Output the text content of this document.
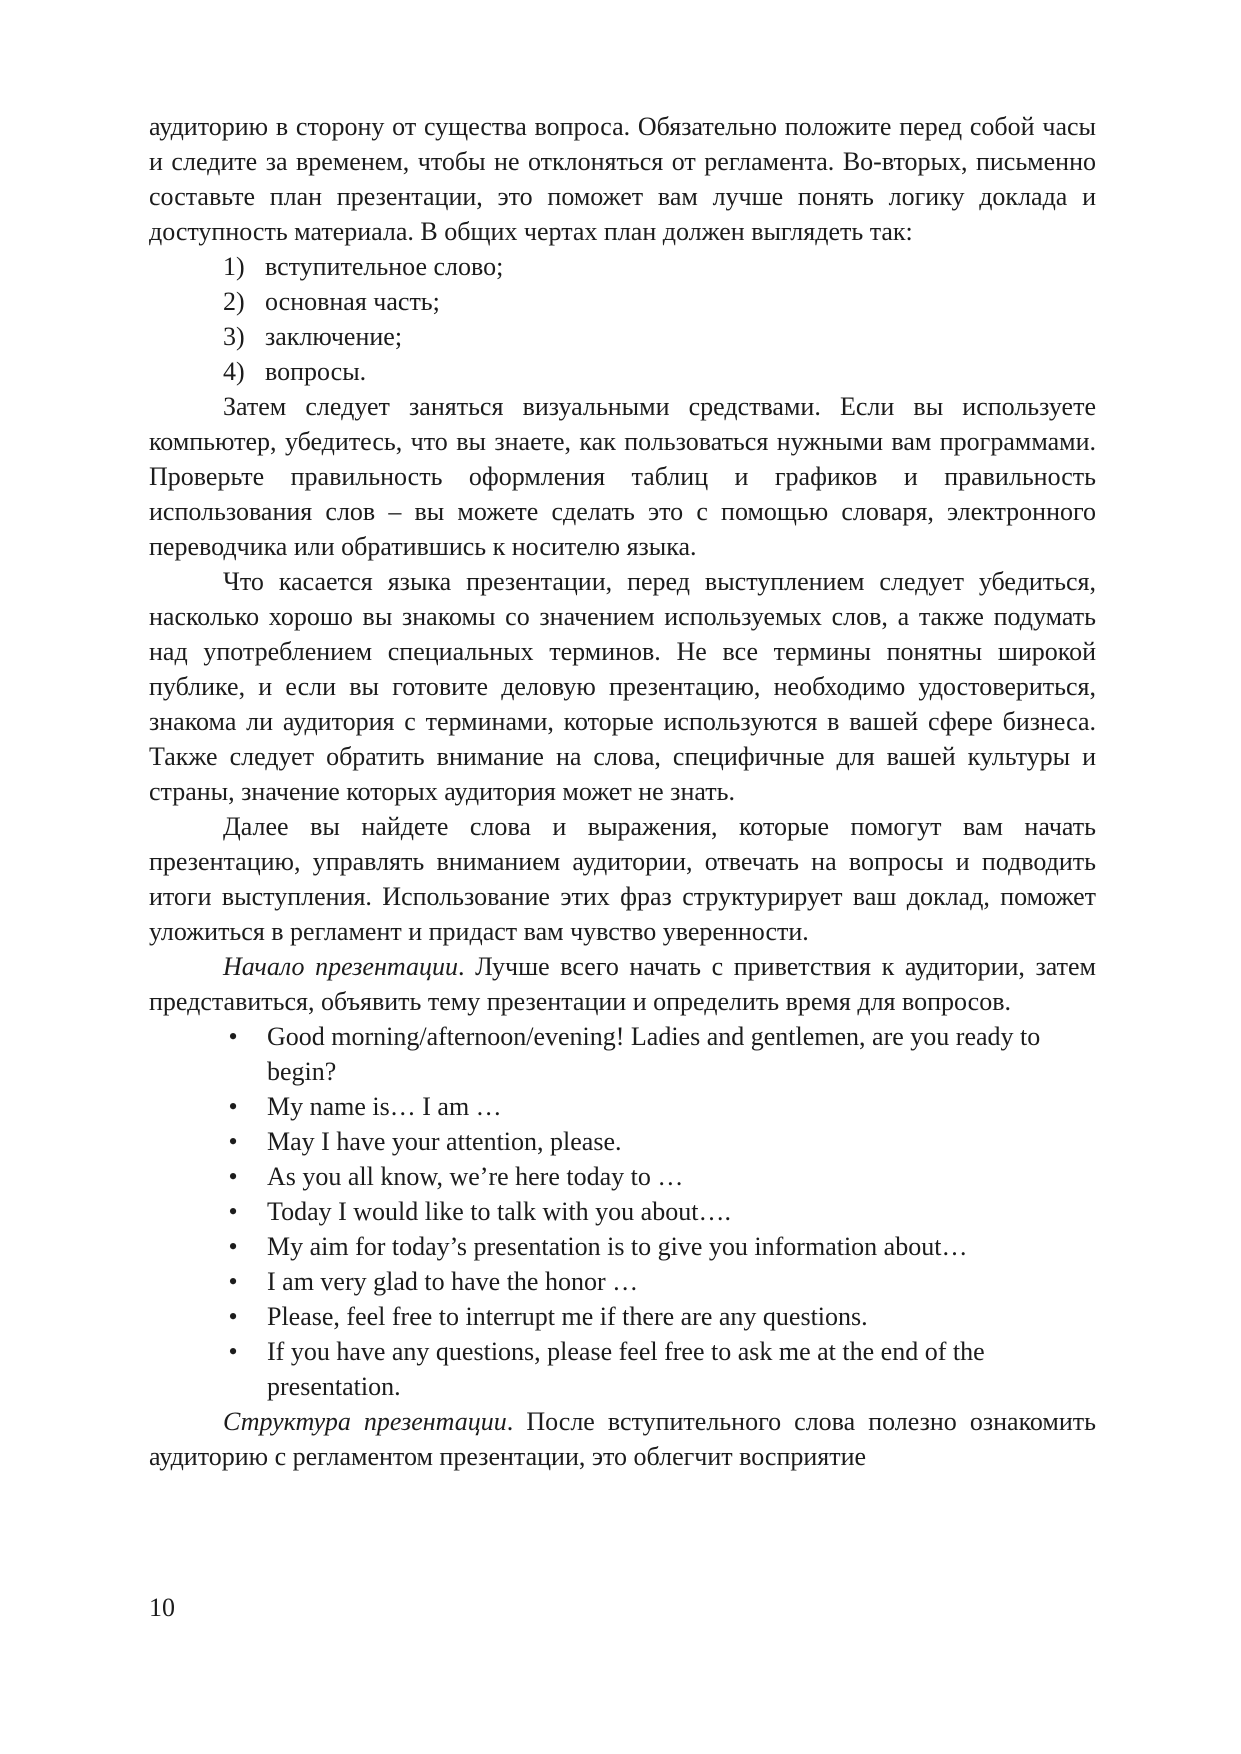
аудиторию в сторону от существа вопроса. Обязательно положите перед собой часы и следите за временем, чтобы не отклоняться от регламента. Во-вторых, письменно составьте план презентации, это поможет вам лучше понять логику доклада и доступность материала. В общих чертах план должен выглядеть так:

1) вступительное слово;
2) основная часть;
3) заключение;
4) вопросы.

Затем следует заняться визуальными средствами. Если вы используете компьютер, убедитесь, что вы знаете, как пользоваться нужными вам программами. Проверьте правильность оформления таблиц и графиков и правильность использования слов – вы можете сделать это с помощью словаря, электронного переводчика или обратившись к носителю языка.

Что касается языка презентации, перед выступлением следует убедиться, насколько хорошо вы знакомы со значением используемых слов, а также подумать над употреблением специальных терминов. Не все термины понятны широкой публике, и если вы готовите деловую презентацию, необходимо удостовериться, знакома ли аудитория с терминами, которые используются в вашей сфере бизнеса. Также следует обратить внимание на слова, специфичные для вашей культуры и страны, значение которых аудитория может не знать.

Далее вы найдете слова и выражения, которые помогут вам начать презентацию, управлять вниманием аудитории, отвечать на вопросы и подводить итоги выступления. Использование этих фраз структурирует ваш доклад, поможет уложиться в регламент и придаст вам чувство уверенности.

Начало презентации. Лучше всего начать с приветствия к аудитории, затем представиться, объявить тему презентации и определить время для вопросов.

• Good morning/afternoon/evening! Ladies and gentlemen, are you ready to begin?
• My name is… I am …
• May I have your attention, please.
• As you all know, we’re here today to …
• Today I would like to talk with you about….
• My aim for today’s presentation is to give you information about…
• I am very glad to have the honor …
• Please, feel free to interrupt me if there are any questions.
• If you have any questions, please feel free to ask me at the end of the presentation.

Структура презентации. После вступительного слова полезно ознакомить аудиторию с регламентом презентации, это облегчит восприятие

10
